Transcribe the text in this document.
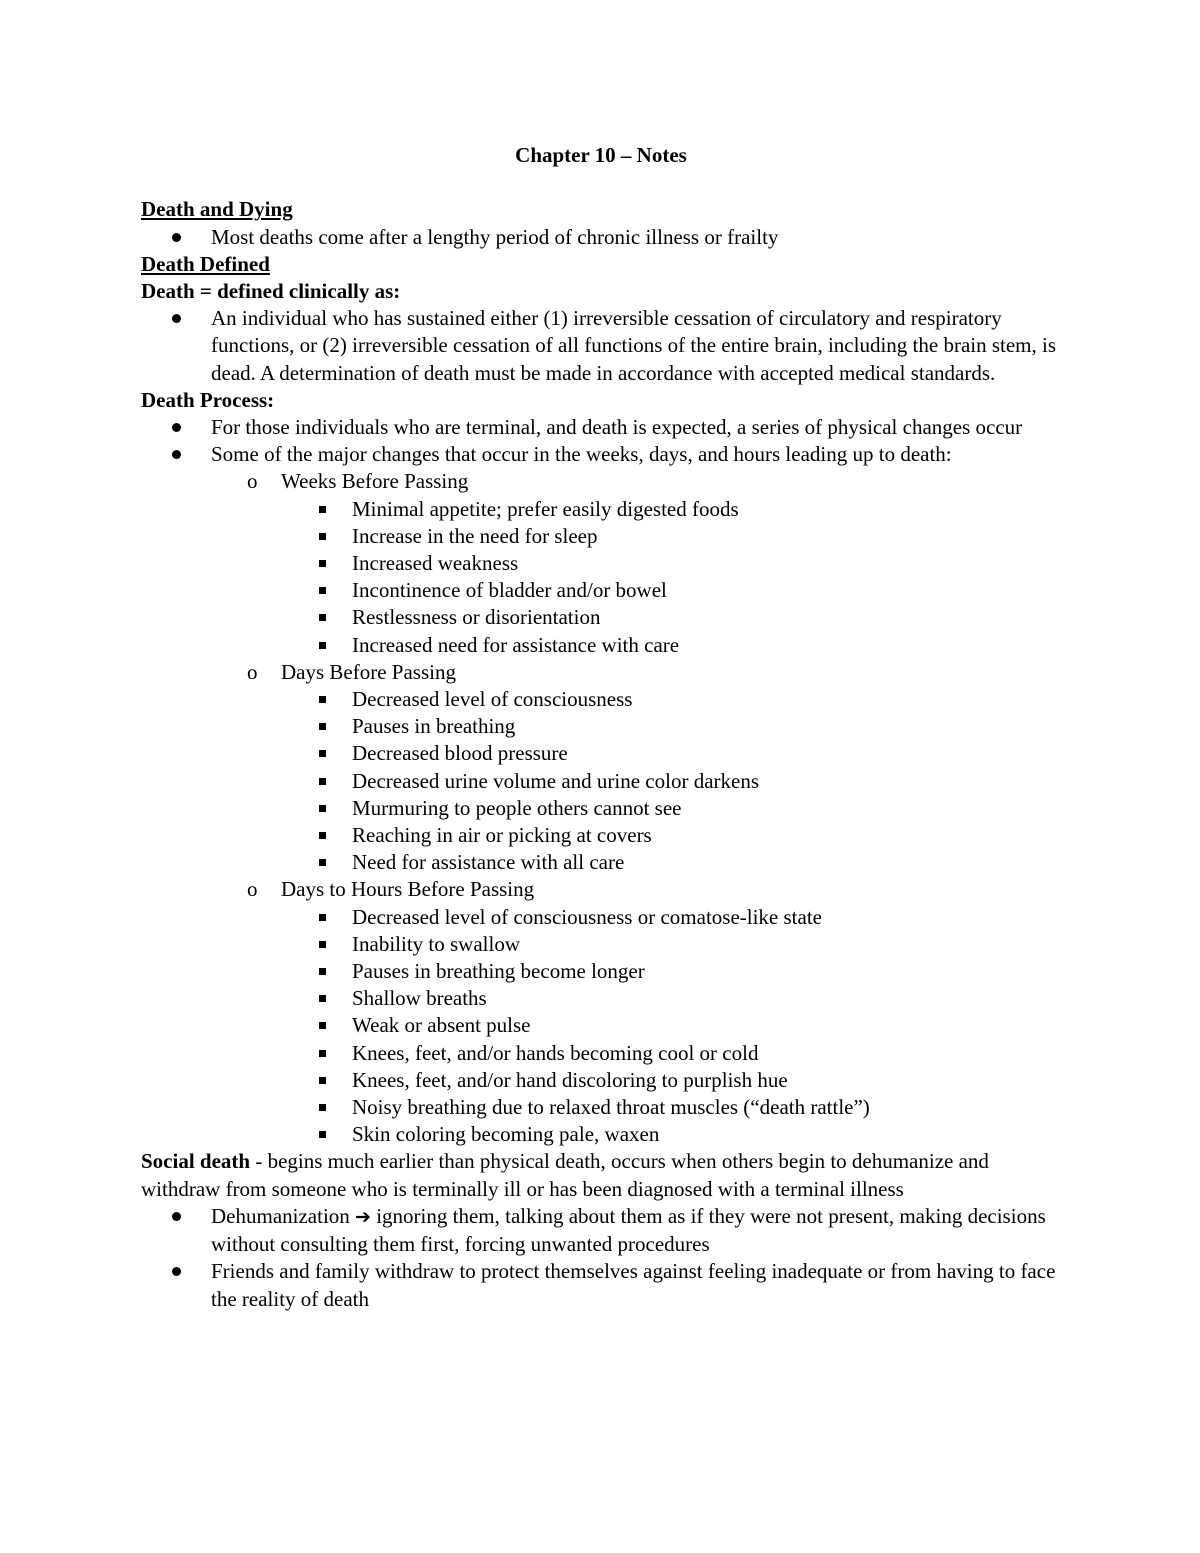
Chapter 10 – Notes
Death and Dying
Most deaths come after a lengthy period of chronic illness or frailty
Death Defined
Death = defined clinically as:
An individual who has sustained either (1) irreversible cessation of circulatory and respiratory functions, or (2) irreversible cessation of all functions of the entire brain, including the brain stem, is dead. A determination of death must be made in accordance with accepted medical standards.
Death Process:
For those individuals who are terminal, and death is expected, a series of physical changes occur
Some of the major changes that occur in the weeks, days, and hours leading up to death:
o Weeks Before Passing
Minimal appetite; prefer easily digested foods
Increase in the need for sleep
Increased weakness
Incontinence of bladder and/or bowel
Restlessness or disorientation
Increased need for assistance with care
o Days Before Passing
Decreased level of consciousness
Pauses in breathing
Decreased blood pressure
Decreased urine volume and urine color darkens
Murmuring to people others cannot see
Reaching in air or picking at covers
Need for assistance with all care
o Days to Hours Before Passing
Decreased level of consciousness or comatose-like state
Inability to swallow
Pauses in breathing become longer
Shallow breaths
Weak or absent pulse
Knees, feet, and/or hands becoming cool or cold
Knees, feet, and/or hand discoloring to purplish hue
Noisy breathing due to relaxed throat muscles (“death rattle”)
Skin coloring becoming pale, waxen
Social death - begins much earlier than physical death, occurs when others begin to dehumanize and withdraw from someone who is terminally ill or has been diagnosed with a terminal illness
Dehumanization ➔ ignoring them, talking about them as if they were not present, making decisions without consulting them first, forcing unwanted procedures
Friends and family withdraw to protect themselves against feeling inadequate or from having to face the reality of death
